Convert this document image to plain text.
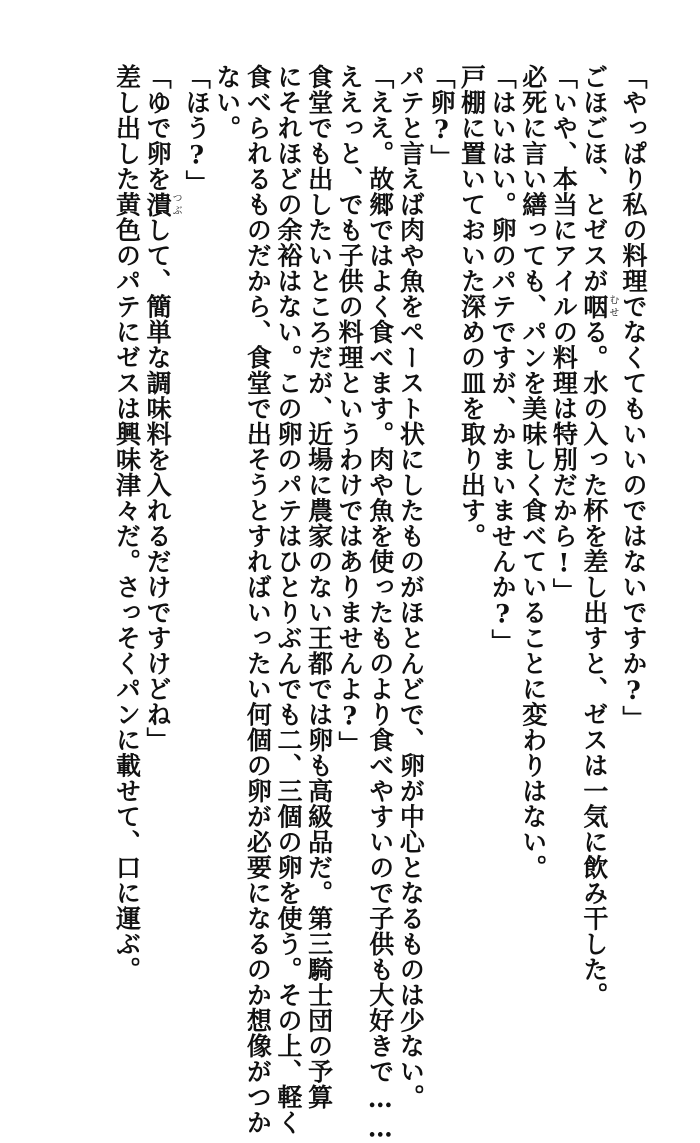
「やっぱり私の料理でなくてもいいのではないですか?」
ごほごほ、とゼスが咽むせる。水の入った杯を差し出すと、ゼスは一気に飲み干した。
「いや、本当にアイルの料理は特別だから!」
必死に言い繕っても、パンを美味しく食べていることに変わりはない。
「はいはい。卵のパテですが、かまいませんか?」
戸棚に置いておいた深めの皿を取り出す。
「卵?」
パテと言えば肉や魚をペースト状にしたものがほとんどで、卵が中心となるものは少ない。
「ええ。故郷ではよく食べます。肉や魚を使ったものより食べやすいので子供も大好きで……
ええっと、でも子供の料理というわけではありませんよ?」
食堂でも出したいところだが、近場に農家のない王都では卵も高級品だ。第三騎士団の予算
にそれほどの余裕はない。この卵のパテはひとりぶんでも二、三個の卵を使う。その上、軽く
食べられるものだから、食堂で出そうとすればいったい何個の卵が必要になるのか想像がつか
ない。
「ほう?」
「ゆで卵を潰つぶして、簡単な調味料を入れるだけですけどね」
差し出した黄色のパテにゼスは興味津々だ。さっそくパンに載せて、口に運ぶ。
